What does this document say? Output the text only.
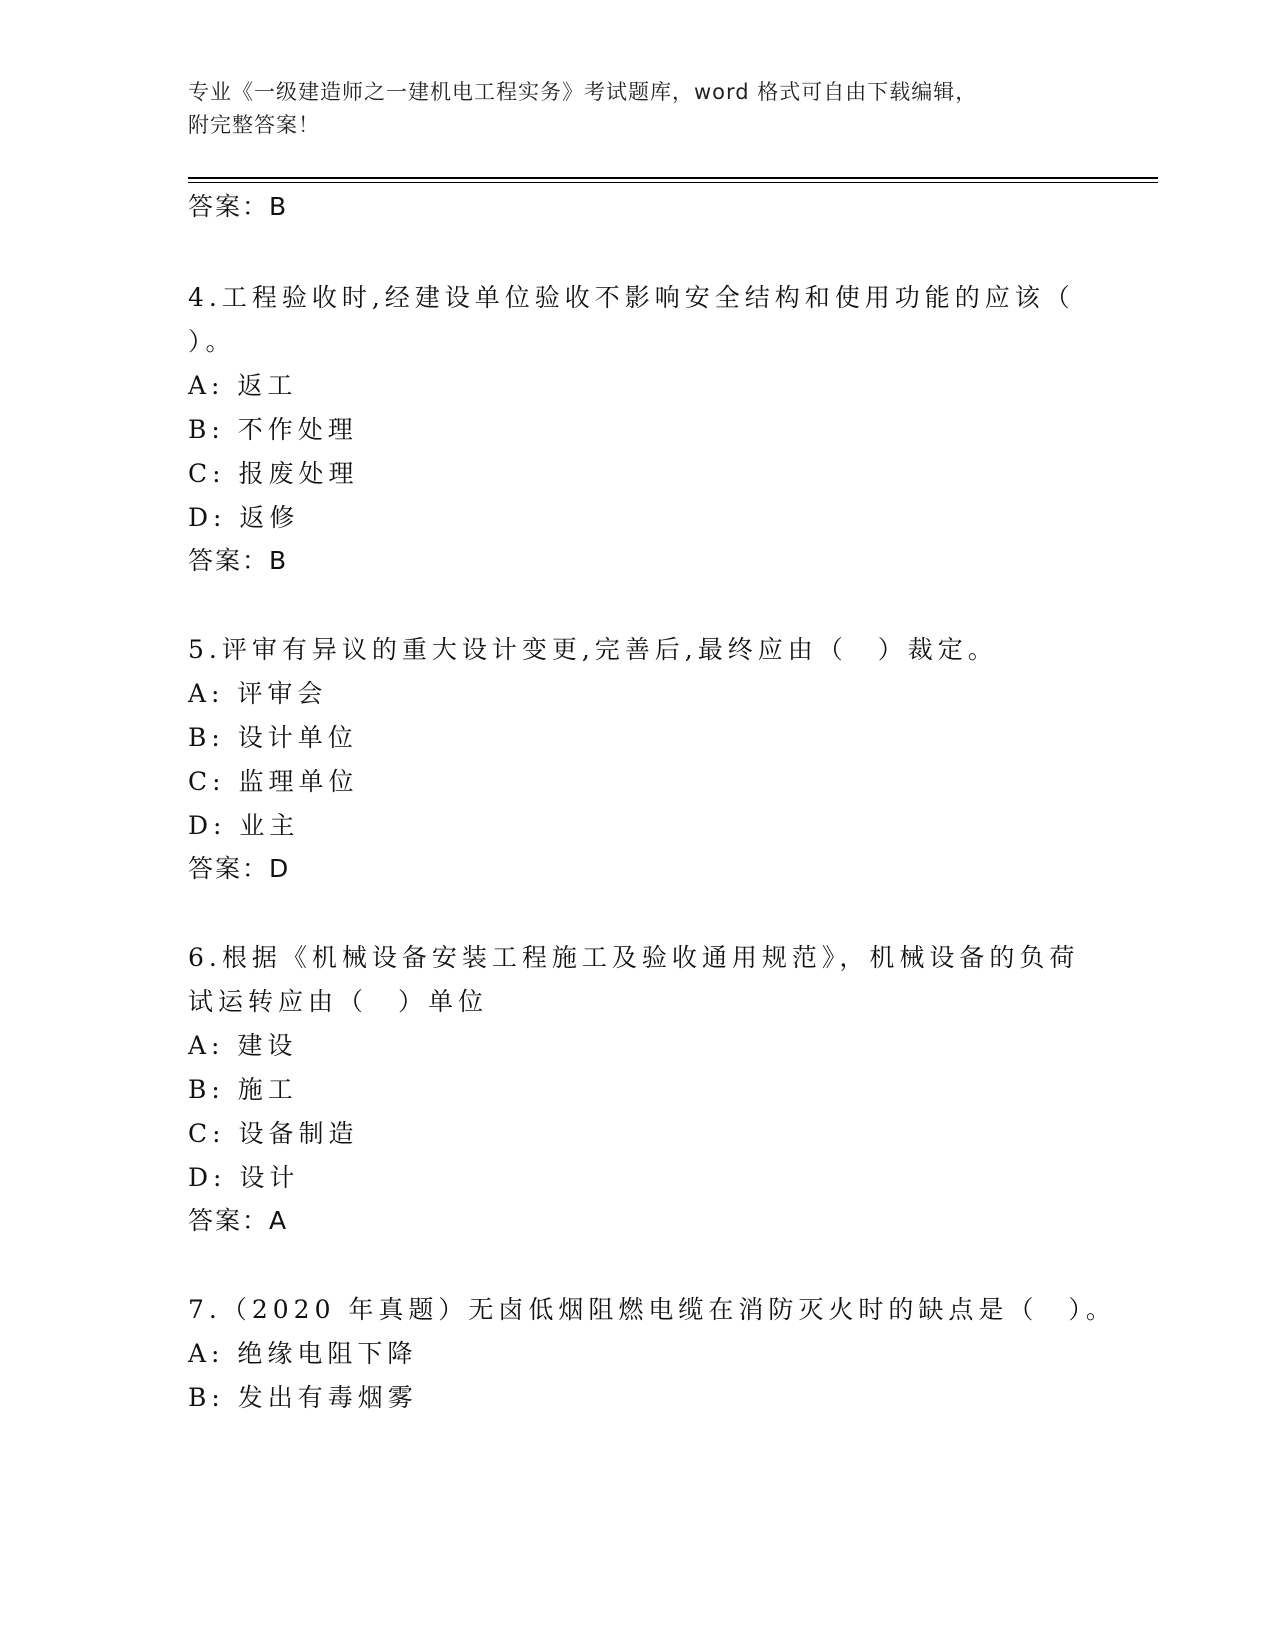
专业《一级建造师之一建机电工程实务》考试题库，word 格式可自由下载编辑，
附完整答案！
答案：B
4.工程验收时,经建设单位验收不影响安全结构和使用功能的应该（
）。
A: 返工
B: 不作处理
C: 报废处理
D: 返修
答案：B
5.评审有异议的重大设计变更,完善后,最终应由（　）裁定。
A: 评审会
B: 设计单位
C: 监理单位
D: 业主
答案：D
6.根据《机械设备安装工程施工及验收通用规范》，机械设备的负荷
试运转应由（　）单位
A: 建设
B: 施工
C: 设备制造
D: 设计
答案：A
7.（2020 年真题）无卤低烟阻燃电缆在消防灭火时的缺点是（　）。
A: 绝缘电阻下降
B: 发出有毒烟雾
